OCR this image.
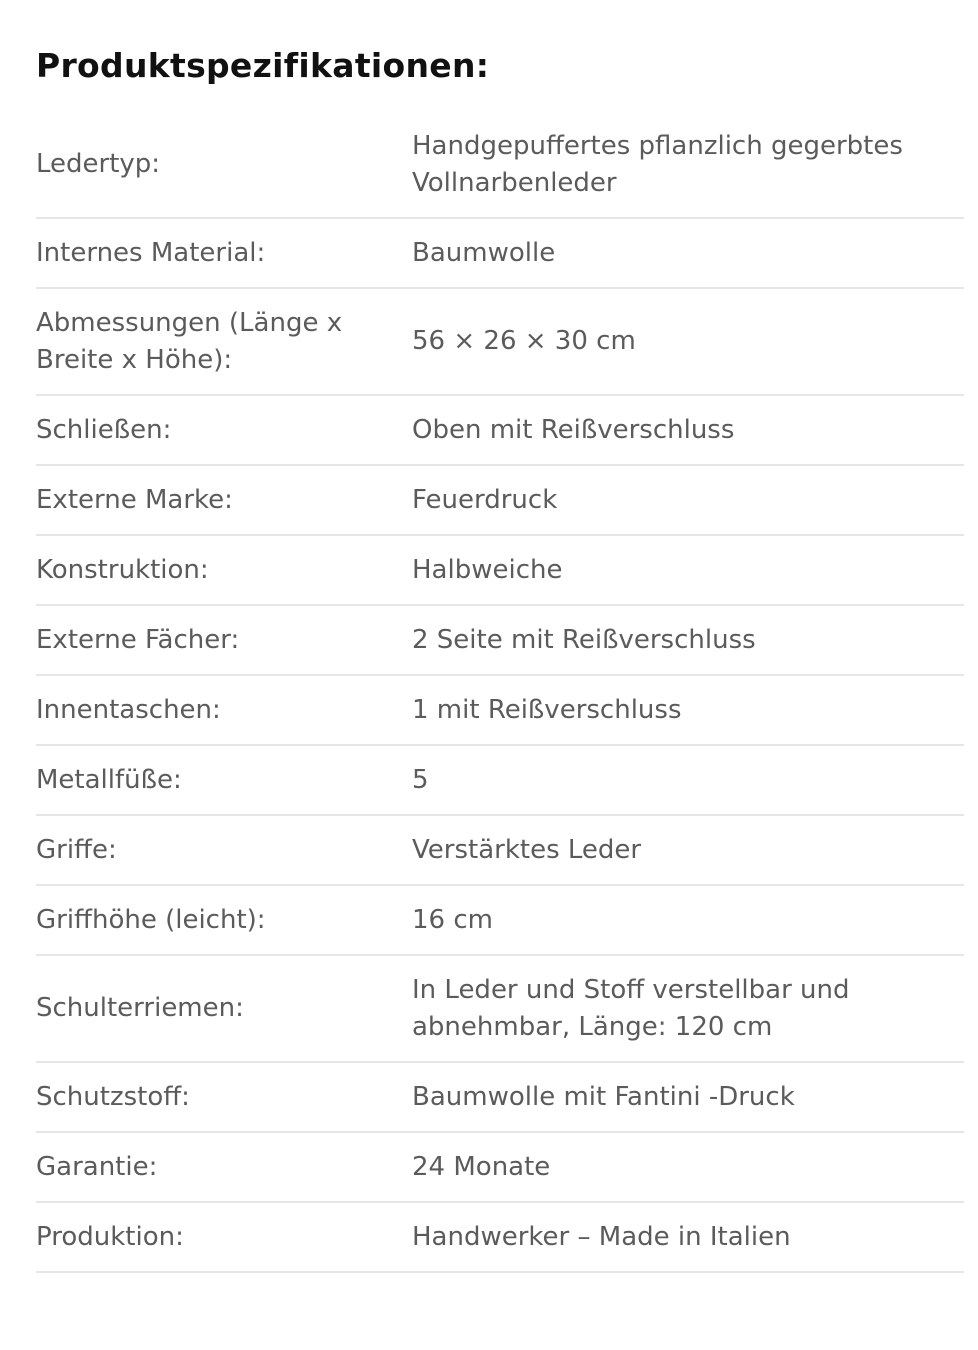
Produktspezifikationen:
Ledertyp:
Handgepuffertes pflanzlich gegerbtes Vollnarbenleder
Internes Material:	Baumwolle
Abmessungen (Länge x Breite x Höhe):
56 × 26 × 30 cm
Schließen:	Oben mit Reißverschluss
Externe Marke:	Feuerdruck
Konstruktion:	Halbweiche
Externe Fächer:	2 Seite mit Reißverschluss
Innentaschen:	1 mit Reißverschluss
Metallfüße:	5
Griffe:	Verstärktes Leder
Griffhöhe (leicht):	16 cm
Schulterriemen:
In Leder und Stoff verstellbar und abnehmbar, Länge: 120 cm
Schutzstoff:	Baumwolle mit Fantini -Druck
Garantie:	24 Monate
Produktion:	Handwerker – Made in Italien
